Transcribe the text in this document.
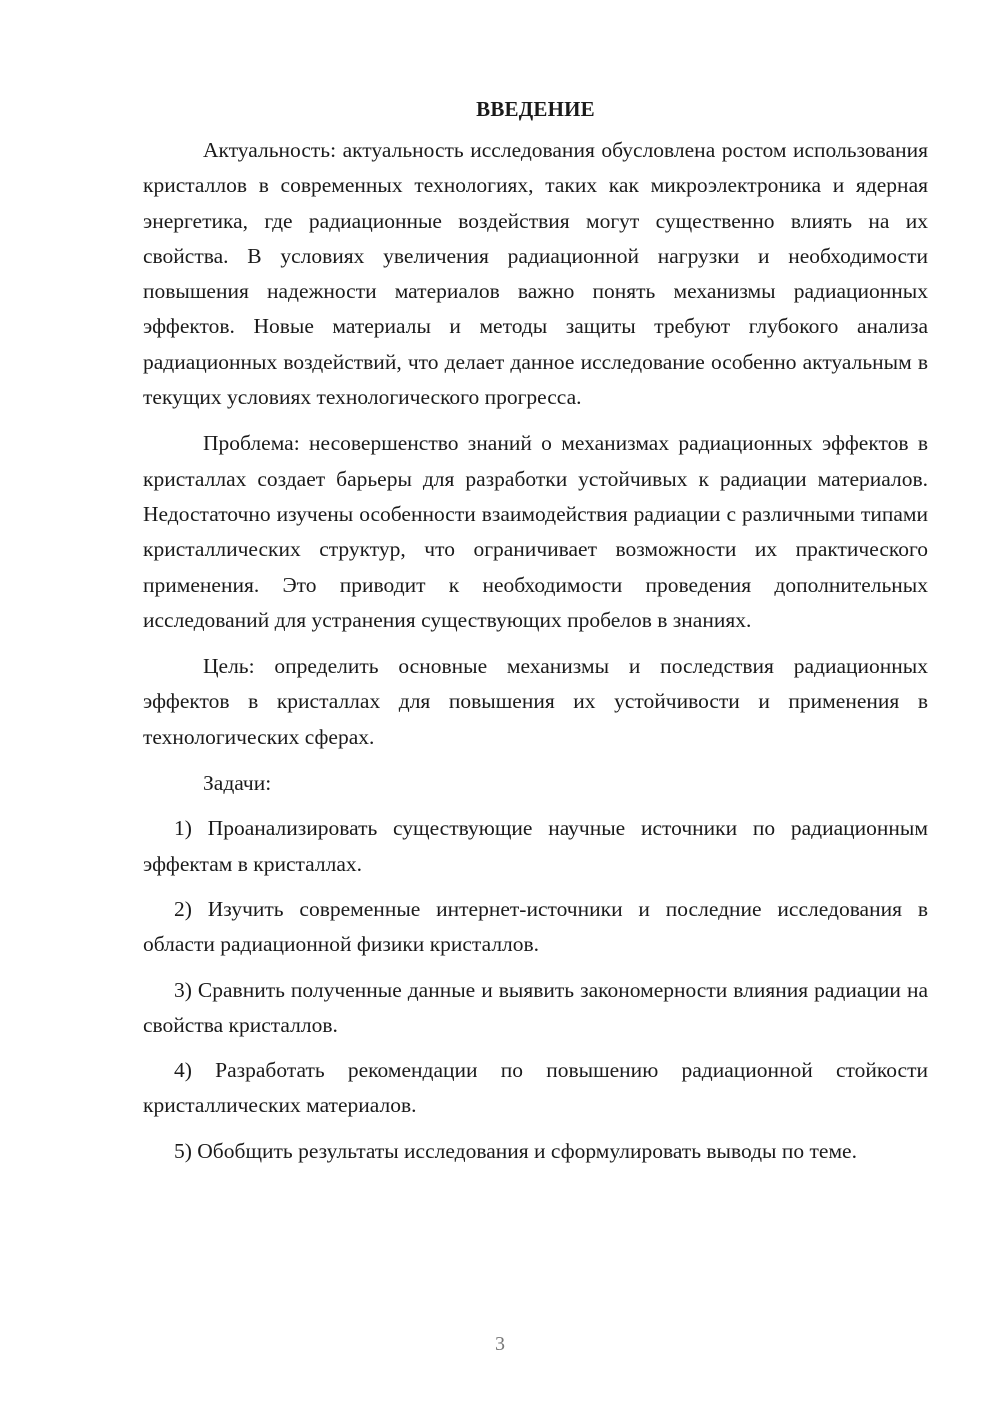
ВВЕДЕНИЕ

Актуальность: актуальность исследования обусловлена ростом использования кристаллов в современных технологиях, таких как микроэлектроника и ядерная энергетика, где радиационные воздействия могут существенно влиять на их свойства. В условиях увеличения радиационной нагрузки и необходимости повышения надежности материалов важно понять механизмы радиационных эффектов. Новые материалы и методы защиты требуют глубокого анализа радиационных воздействий, что делает данное исследование особенно актуальным в текущих условиях технологического прогресса.

Проблема: несовершенство знаний о механизмах радиационных эффектов в кристаллах создает барьеры для разработки устойчивых к радиации материалов. Недостаточно изучены особенности взаимодействия радиации с различными типами кристаллических структур, что ограничивает возможности их практического применения. Это приводит к необходимости проведения дополнительных исследований для устранения существующих пробелов в знаниях.

Цель: определить основные механизмы и последствия радиационных эффектов в кристаллах для повышения их устойчивости и применения в технологических сферах.

Задачи:

1) Проанализировать существующие научные источники по радиационным эффектам в кристаллах.

2) Изучить современные интернет-источники и последние исследования в области радиационной физики кристаллов.

3) Сравнить полученные данные и выявить закономерности влияния радиации на свойства кристаллов.

4) Разработать рекомендации по повышению радиационной стойкости кристаллических материалов.

5) Обобщить результаты исследования и сформулировать выводы по теме.

3
